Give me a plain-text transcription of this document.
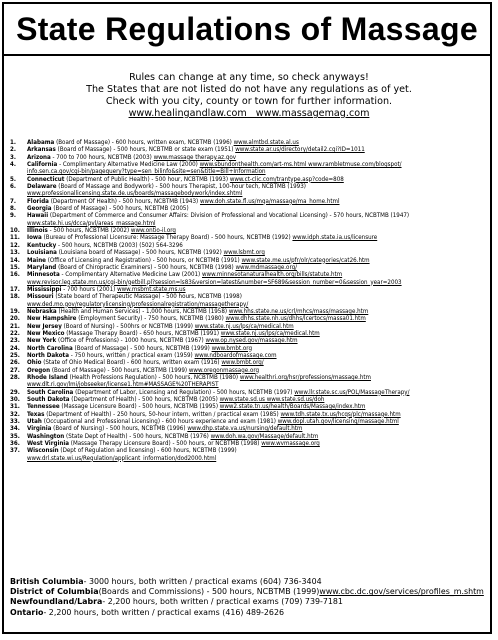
State Regulations of Massage
Rules can change at any time, so check anyways!
The States that are not listed do not have any regulations as of yet.
Check with you city, county or town for further information.
www.healingandlaw.com www.massagemag.com
1.	Alabama (Board of Massage) - 600 hours, written exam, NCBTMB (1996) www.almtbd.state.al.us
2.	Arkansas (Board of Massage) - 500 hours, NCBTMB or state exam (1951) www.state.ar.us/directory/detail2.cgi?ID=1011
3.	Arizona - 700 to 700 hours, NCBTMB (2003) www.massage therapy.az.gov
4.	California - Complimentary Alternative Medicine Law (2000) www.sbundonthealth.com/art-ms.html www.rambletmuse.com/blogspot/
info.sen.ca.gov/cgi-bin/pagequery?type=sen_bilinfo&site=sen&title=Bill+Information
5.	Connecticut (Department of Public Health) - 500 hour, NCBTMB (1993) www.ct-clic.com/trantype.asp?code=808
6.	Delaware (Board of Massage and Bodywork) - 500 hours Therapist, 100-hour tech, NCBTMB (1993)
www.professionallicensing.state.de.us/boards/massagebodywork/index.shtml
7.	Florida (Department Of Health) - 500 hours, NCBTMB (1943) www.doh.state.fl.us/mqa/massage/ma_home.html
8.	Georgia (Board of Massage) - 500 hours, NCBTMB (2005)
9.	Hawaii (Department of Commerce and Consumer Affairs: Division of Professional and Vocational Licensing) - 570 hours, NCBTMB (1947)
www.state.hi.us/dcca/pvl/areas_massage.html
10.	Illinois - 500 hours, NCBTMB (2002) www.ontio-il.org
11.	Iowa (Bureau of Professional Licensure: Massage Therapy Board) - 500 hours, NCBTMB (1992) www.idph.state.ia.us/licensure
12.	Kentucky - 500 hours, NCBTMB (2003) (502) 564-3296
13.	Louisiana (Louisiana board of Massage) - 500 hours, NCBTMB (1992) www.lsbmt.org
14.	Maine (Office of Licensing and Registration) - 500 hours, or NCBTMB (1991) www.state.me.us/pfr/olr/categories/cat26.htm
15.	Maryland (Board of Chiropractic Examiners) - 500 hours, NCBTMB (1998) www.mdmassage.org/
16.	Minnesota - Complimentary Alternative Medicine Law (2001) www.minnesotanaturalhealth.org/bills/statute.htm
www.revisor.leg.state.mn.us/cgi-bin/getbill.pl?session=ls83&version=latest&number=SF689&session_number=0&session_year=2003
17.	Mississippi - 700 hours (2001) www.msbmt.state.ms.us
18.	Missouri (State board of Therapeutic Massage) - 500 hours, NCBTMB (1998)
www.ded.mo.gov/regulatorylicensing/professionalregistration/massagetherapy/
19.	Nebraska (Health and Human Services) - 1,000 hours, NCBTMB (1958) www.hhs.state.ne.us/crl/mhcs/mass/massage.htm
20.	New Hampshire (Employment Security) - 750 hours, NCBTMB (1980) www.dhhs.state.nh.us/dhhs/lcertocs/massa01.htm
21.	New Jersey (Board of Nursing) - 500hrs or NCBTMB (1999) www.state.nj.us/lps/ca/medical.htm
22.	New Mexico (Massage Therapy Board) - 650 hours, NCBTMB (1991) www.state.nj.us/lps/ca/medical.htm
23.	New York (Office of Professions) - 1000 hours, NCBTMB (1967) www.op.nysed.gov/massage.htm
24.	North Carolina (Board of Massage) - 500 hours, NCBTMB (1999) www.bmbt.org
25.	North Dakota - 750 hours, written / practical exam (1959) www.ndboardofmassage.com
26.	Ohio (State of Ohio Medical Board) - 600 hours, written exam (1916) www.bmbt.org/
27.	Oregon (Board of Massage) - 500 hours, NCBTMB (1999) www.oregonmassage.org
28.	Rhode Island (Health Professions Regulation) - 500 hours, NCBTMB (1980) www.healthri.org/hsr/professions/massage.htm
www.dlt.ri.gov/lmi/jobseeker/license1.htm#MASSAGE%20THERAPIST
29.	South Carolina (Department of Labor, Licensing and Regulation) - 500 hours, NCBTMB (1997) www.llr.state.sc.us/POL/MassageTherapy/
30.	South Dakota (Department of Health) - 500 hours, NCBTMB (2005) www.state.sd.us www.state.sd.us/doh
31.	Tennessee (Massage Licensure Board) - 500 hours, NCBTMB (1995) www2.state.tn.us/health/Boards/Massage/index.htm
32.	Texas (Department of Health) - 250 hours, 50-hour intern, written / practical exam (1985) www.tdh.state.tx.us/hcqs/plc/massage.htm
33.	Utah (Occupational and Professional Licensing) - 600 hours experience and exam (1981) www.dopl.utah.gov/licensing/massage.html
34.	Virginia (Board of Nursing) - 500 hours, NCBTMB (1996) www.dhp.state.va.us/nursing/default.htm
35.	Washington (State Dept of Health) - 500 hours, NCBTMB (1976) www.doh.wa.gov/Massage/default.htm
36.	West Virginia (Massage Therapy Licensure Board) - 500 hours, or NCBTMB (1998) www.wvmassage.org
37.	Wisconsin (Dept of Regulation and licensing) - 600 hours, NCBTMB (1999)
www.drl.state.wi.us/Regulation/applicant_information/dod2000.html
British Columbia - 3000 hours, both written / practical exams (604) 736-3404
District of Columbia (Boards and Commissions) - 500 hours, NCBTMB (1999) www.cbc.dc.gov/services/profiles_m.shtm
Newfoundland/Labra - 2,200 hours, both written / practical exams (709) 739-7181
Ontario - 2,200 hours, both written / practical exams (416) 489-2626
